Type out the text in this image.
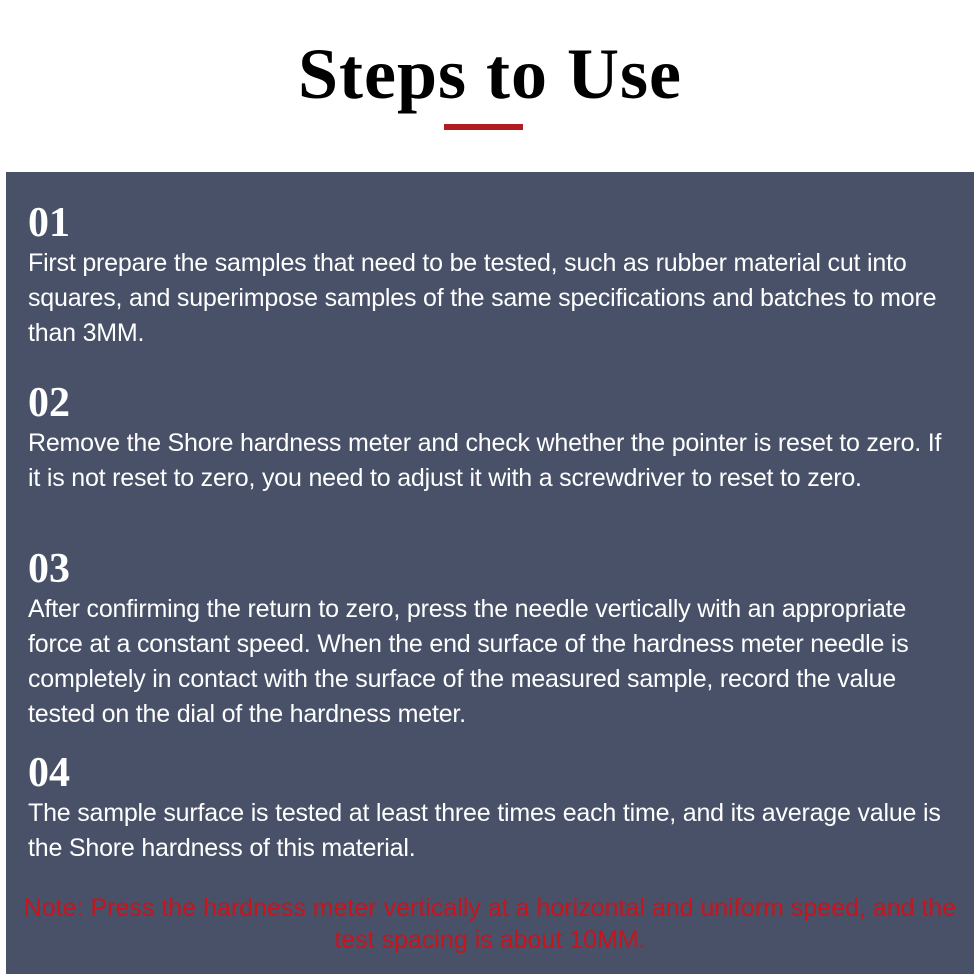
Steps to Use

01

First prepare the samples that need to be tested, such as rubber material cut into squares, and superimpose samples of the same specifications and batches to more than 3MM.

02

Remove the Shore hardness meter and check whether the pointer is reset to zero. If it is not reset to zero, you need to adjust it with a screwdriver to reset to zero.

03

After confirming the return to zero, press the needle vertically with an appropriate force at a constant speed. When the end surface of the hardness meter needle is completely in contact with the surface of the measured sample, record the value tested on the dial of the hardness meter.

04

The sample surface is tested at least three times each time, and its average value is the Shore hardness of this material.

Note: Press the hardness meter vertically at a horizontal and uniform speed, and the test spacing is about 10MM.
